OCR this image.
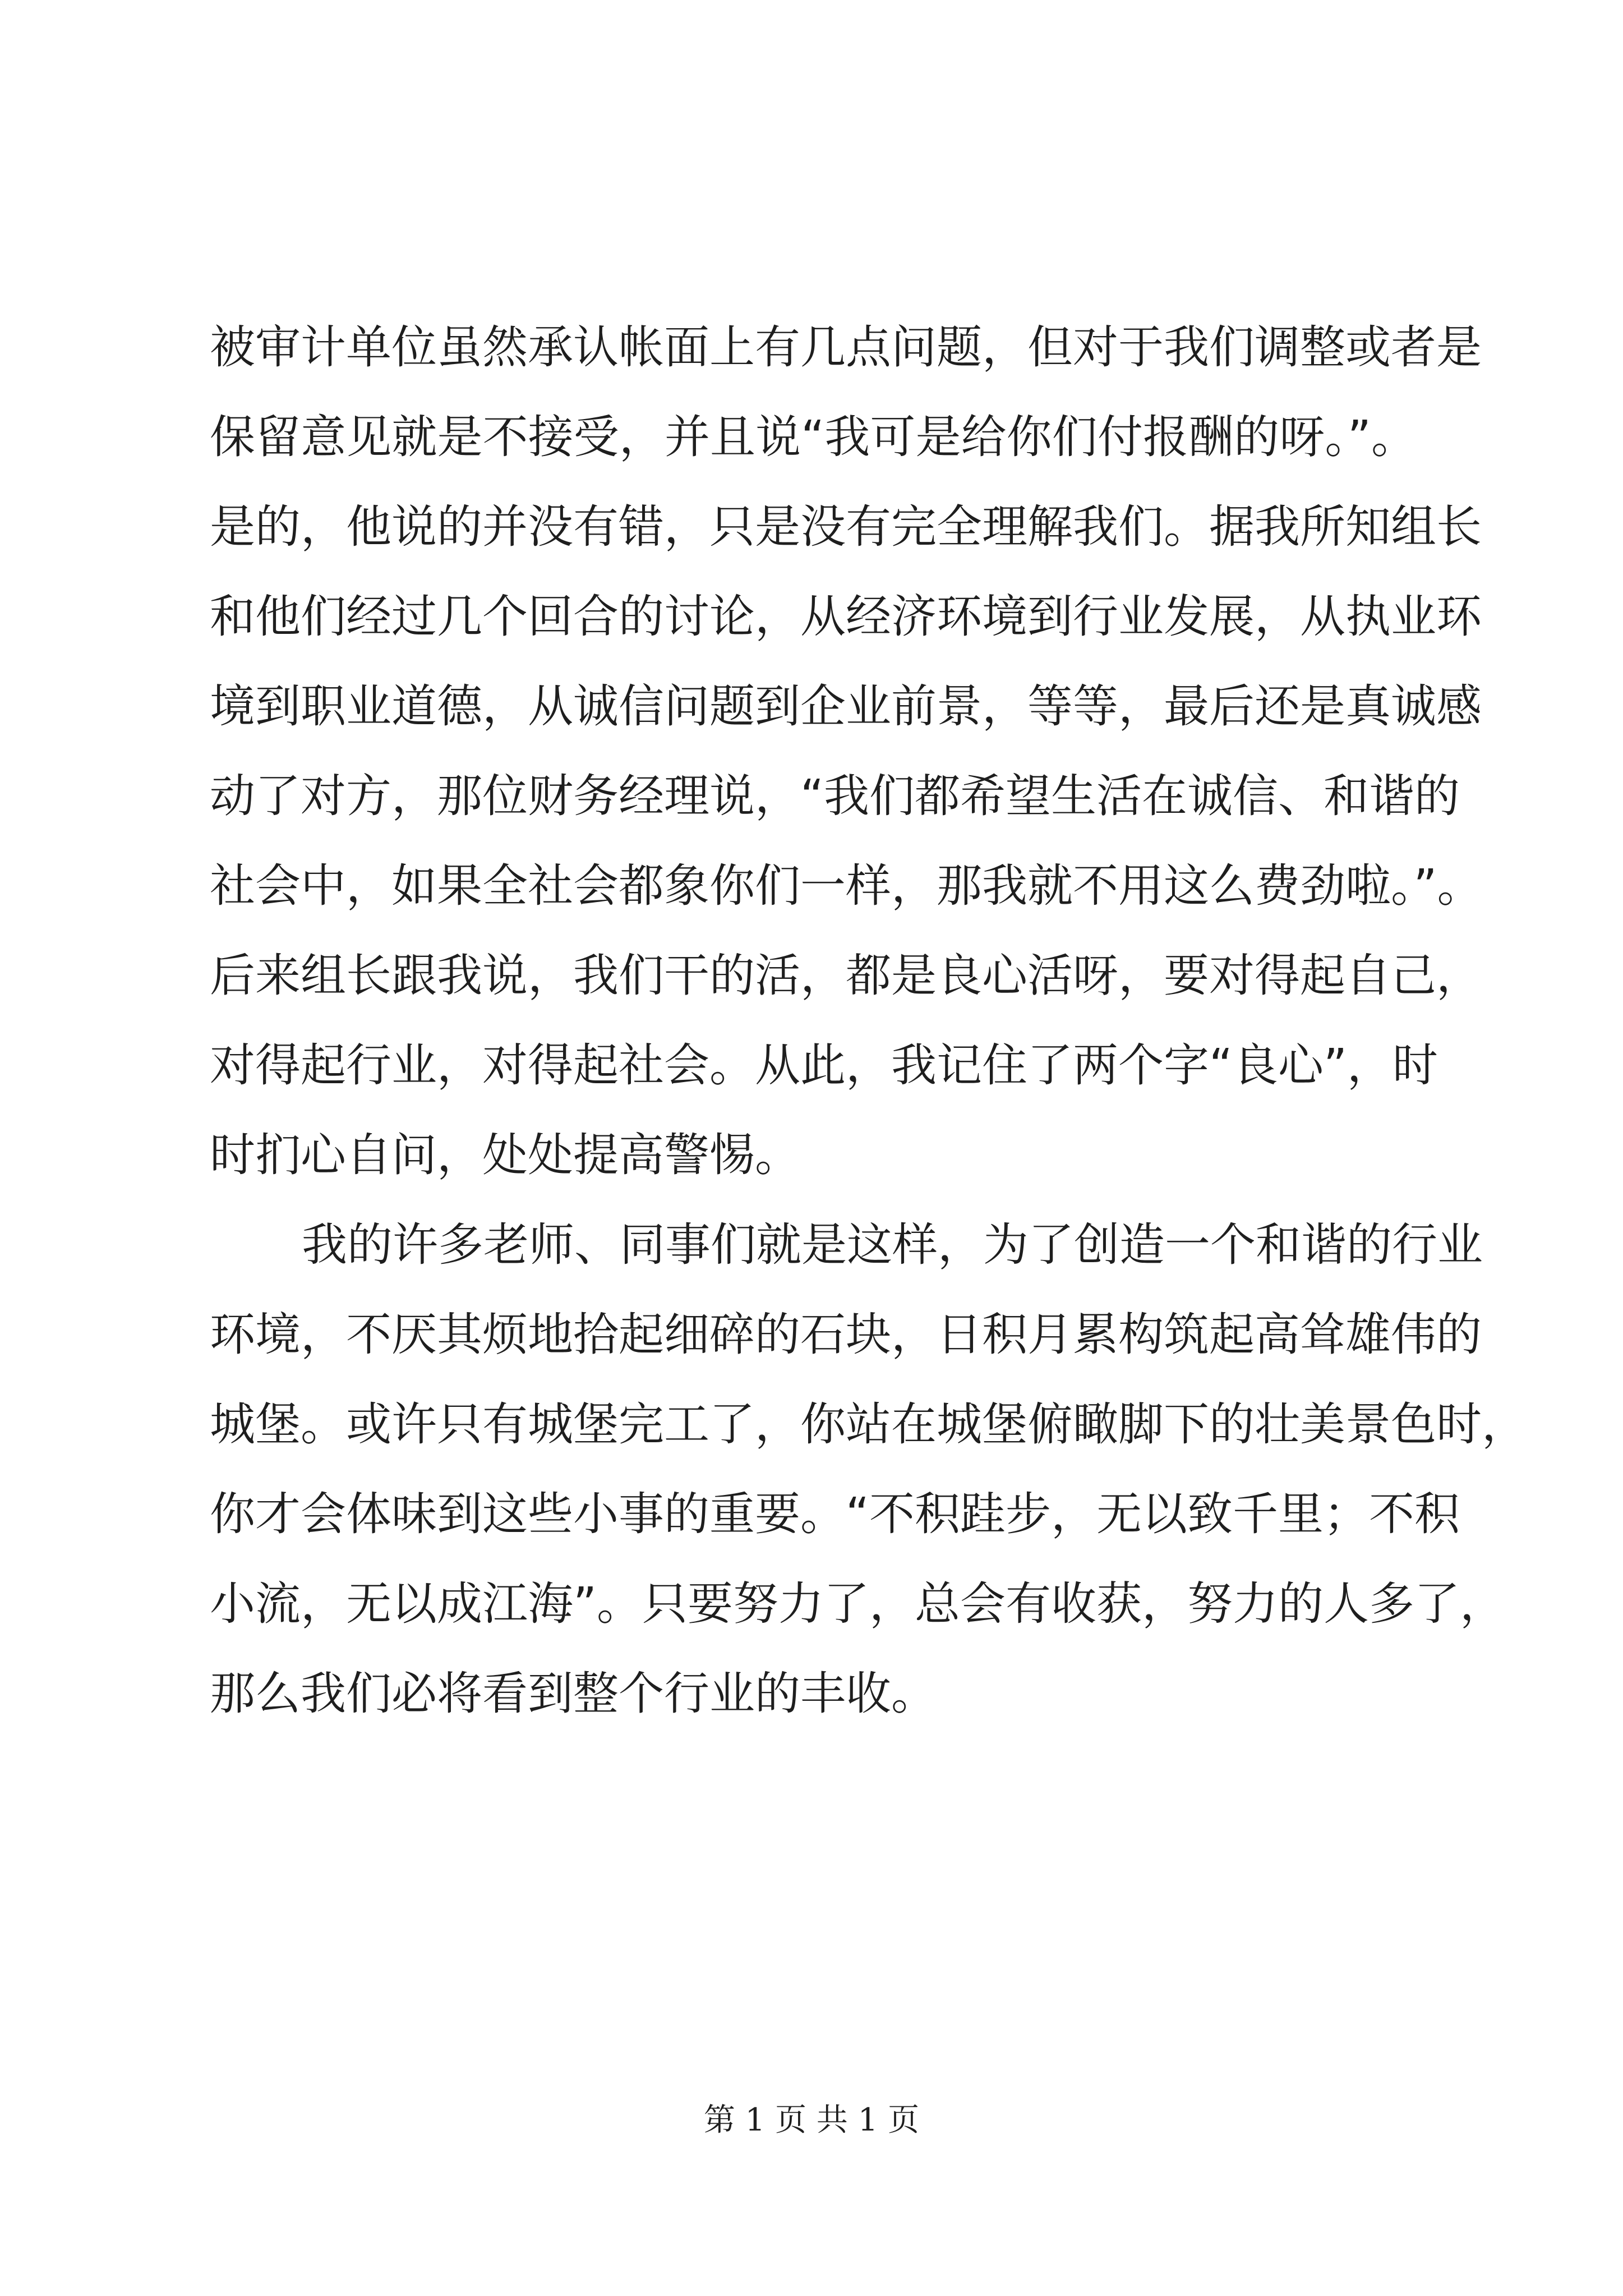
被审计单位虽然承认帐面上有几点问题，但对于我们调整或者是
保留意见就是不接受，并且说“我可是给你们付报酬的呀。”。
是的，他说的并没有错，只是没有完全理解我们。据我所知组长
和他们经过几个回合的讨论，从经济环境到行业发展，从执业环
境到职业道德，从诚信问题到企业前景，等等，最后还是真诚感
动了对方，那位财务经理说，“我们都希望生活在诚信、和谐的
社会中，如果全社会都象你们一样，那我就不用这么费劲啦。”。
后来组长跟我说，我们干的活，都是良心活呀，要对得起自己，
对得起行业，对得起社会。从此，我记住了两个字“良心”，时
时扪心自问，处处提高警惕。
我的许多老师、同事们就是这样，为了创造一个和谐的行业
环境，不厌其烦地拾起细碎的石块，日积月累构筑起高耸雄伟的
城堡。或许只有城堡完工了，你站在城堡俯瞰脚下的壮美景色时，
你才会体味到这些小事的重要。“不积跬步，无以致千里；不积
小流，无以成江海”。只要努力了，总会有收获，努力的人多了，
那么我们必将看到整个行业的丰收。
第 1 页 共 1 页
